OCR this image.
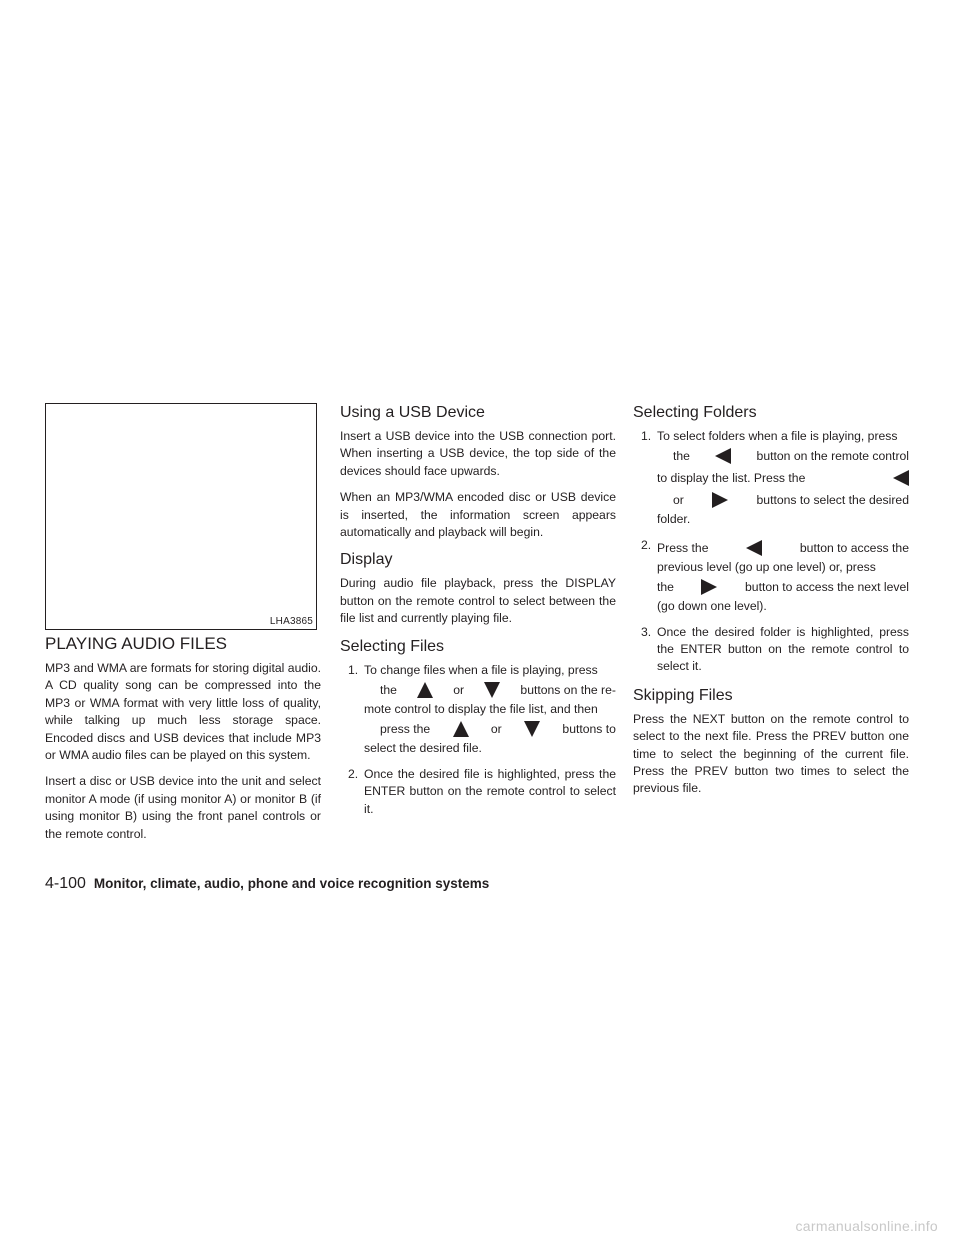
LHA3865
PLAYING AUDIO FILES

MP3 and WMA are formats for storing digital audio. A CD quality song can be compressed into the MP3 or WMA format with very little loss of quality, while talking up much less storage space. Encoded discs and USB devices that include MP3 or WMA audio files can be played on this system.

Insert a disc or USB device into the unit and select monitor A mode (if using monitor A) or monitor B (if using monitor B) using the front panel controls or the remote control.

Using a USB Device

Insert a USB device into the USB connection port. When inserting a USB device, the top side of the devices should face upwards.

When an MP3/WMA encoded disc or USB device is inserted, the information screen appears automatically and playback will begin.

Display

During audio file playback, press the DISPLAY button on the remote control to select between the file list and currently playing file.

Selecting Files
1. To change files when a file is playing, press
the	or	buttons on the re-
mote control to display the file list, and then
press the	or	buttons to
select the desired file.
2. Once the desired file is highlighted, press the ENTER button on the remote control to select it.
Selecting Folders
1. To select folders when a file is playing, press
the	button on the remote control
to display the list. Press the
or	buttons to select the desired
folder.
2. Press the	button to access the
previous level (go up one level) or, press
the	button to access the next level
(go down one level).
3. Once the desired folder is highlighted, press the ENTER button on the remote control to select it.
Skipping Files

Press the NEXT button on the remote control to select to the next file. Press the PREV button one time to select the beginning of the current file. Press the PREV button two times to select the previous file.

4-100 Monitor, climate, audio, phone and voice recognition systems
carmanualsonline.info
